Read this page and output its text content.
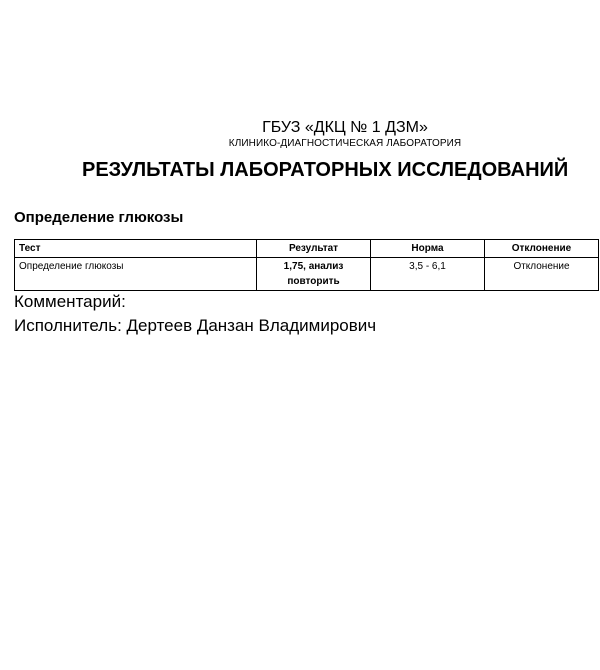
ГБУЗ «ДКЦ № 1 ДЗМ»
КЛИНИКО-ДИАГНОСТИЧЕСКАЯ ЛАБОРАТОРИЯ
РЕЗУЛЬТАТЫ ЛАБОРАТОРНЫХ ИССЛЕДОВАНИЙ
Определение глюкозы
Тест	Результат	Норма	Отклонение
Определение глюкозы	1,75, анализ повторить	3,5 - 6,1	Отклонение
Комментарий:
Исполнитель: Дертеев Данзан Владимирович
